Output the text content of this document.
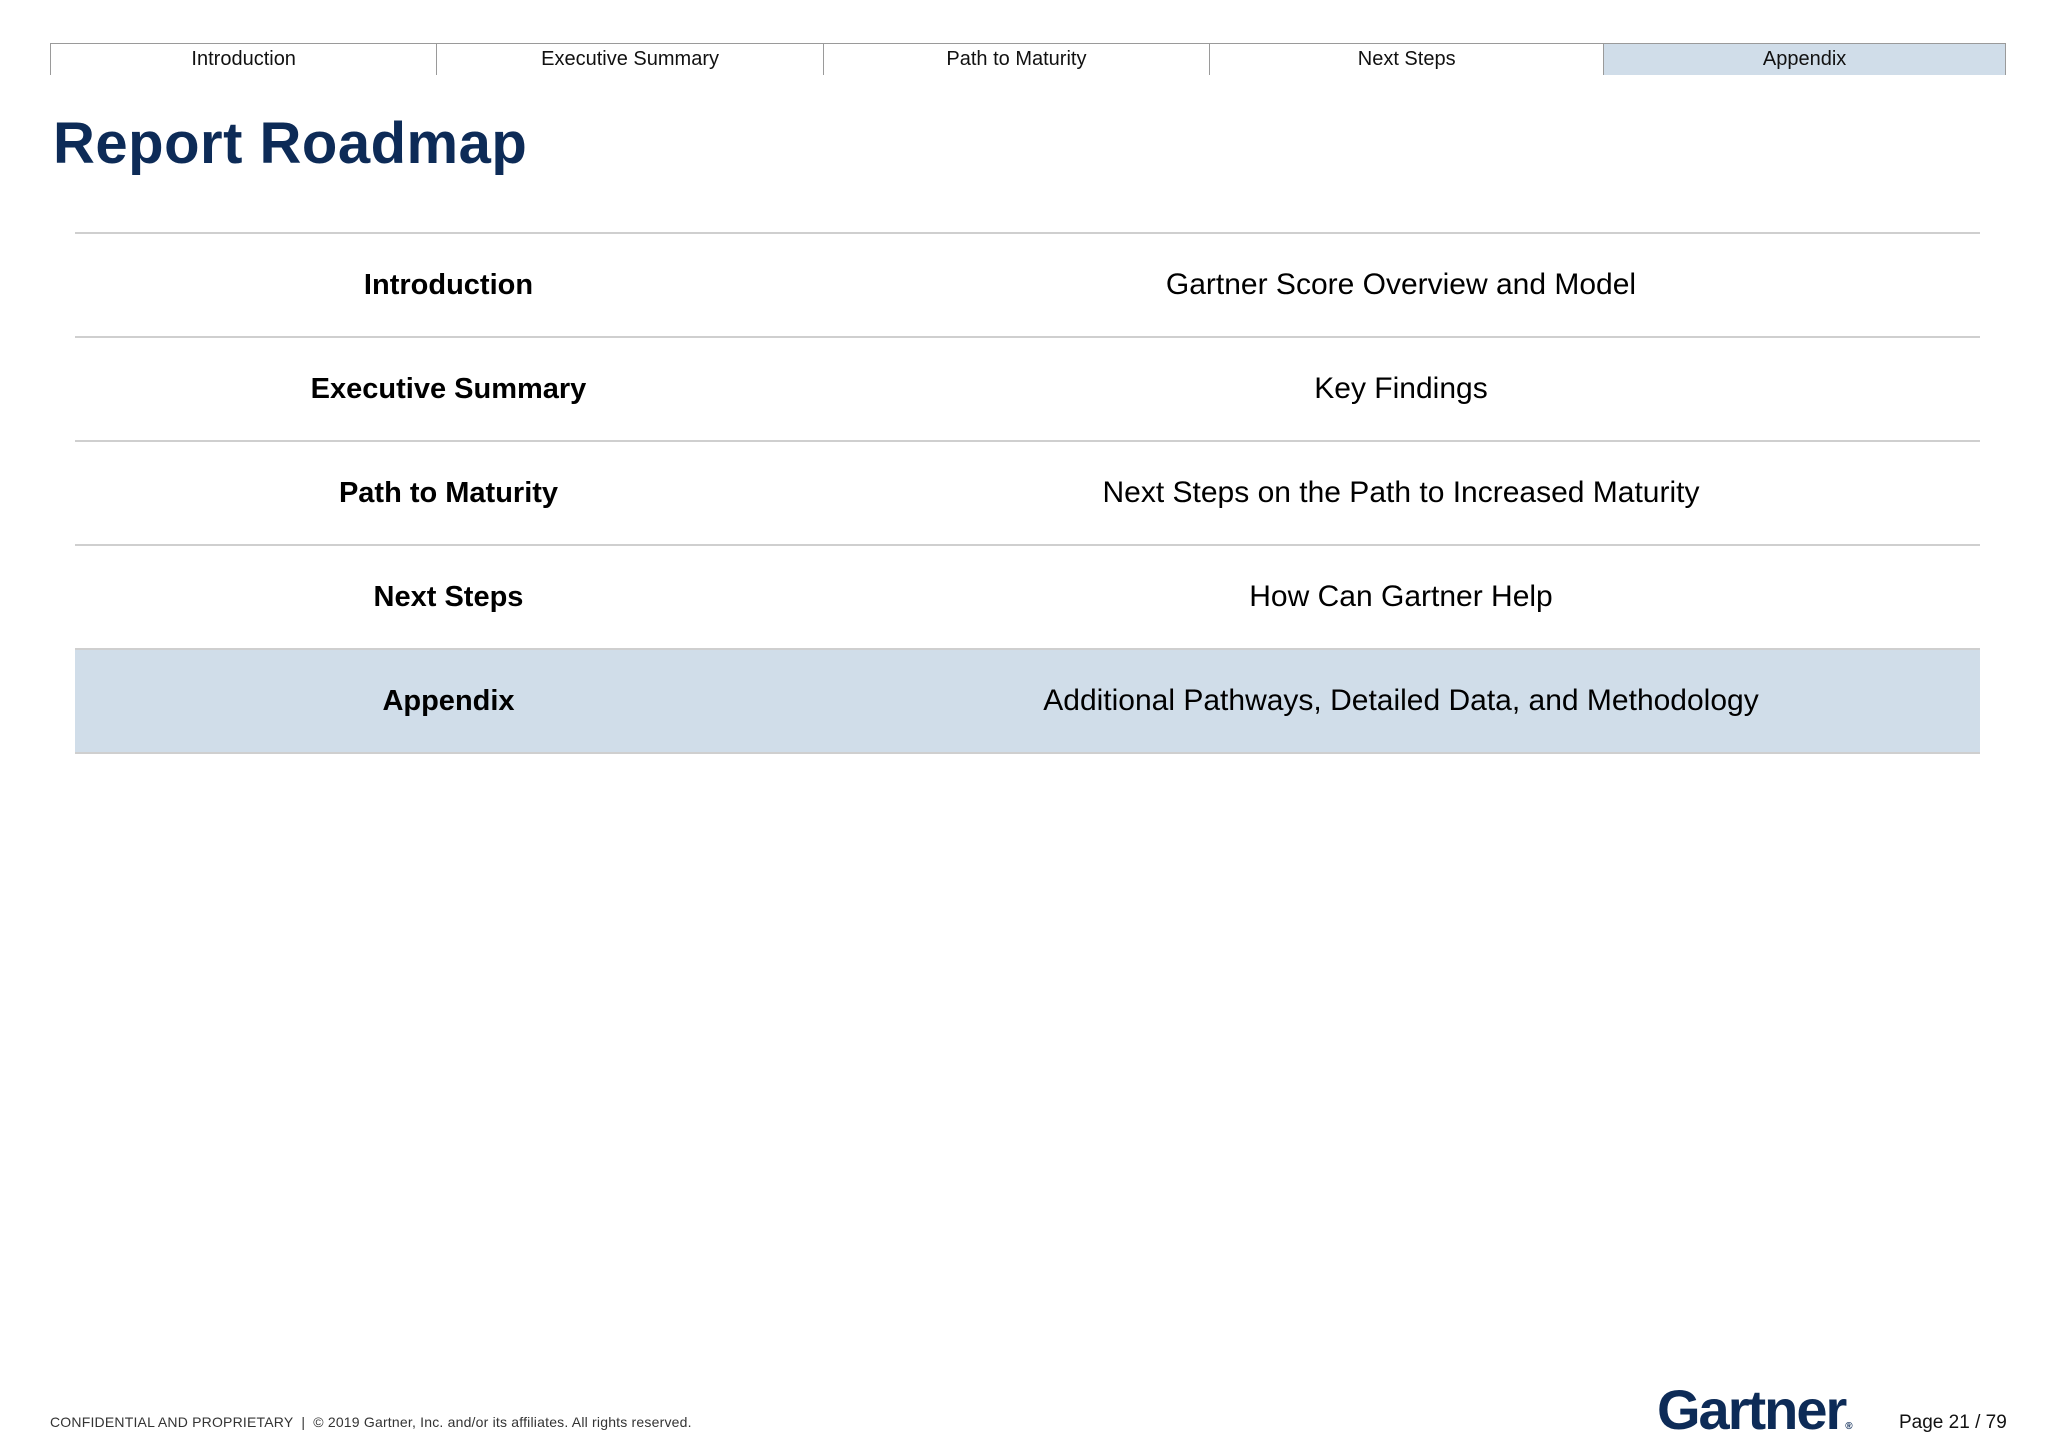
Introduction	Executive Summary	Path to Maturity	Next Steps	Appendix
Report Roadmap
Introduction	Gartner Score Overview and Model
Executive Summary	Key Findings
Path to Maturity	Next Steps on the Path to Increased Maturity
Next Steps	How Can Gartner Help
Appendix	Additional Pathways, Detailed Data, and Methodology
CONFIDENTIAL AND PROPRIETARY | © 2019 Gartner, Inc. and/or its affiliates. All rights reserved.	Gartner® Page 21 / 79
